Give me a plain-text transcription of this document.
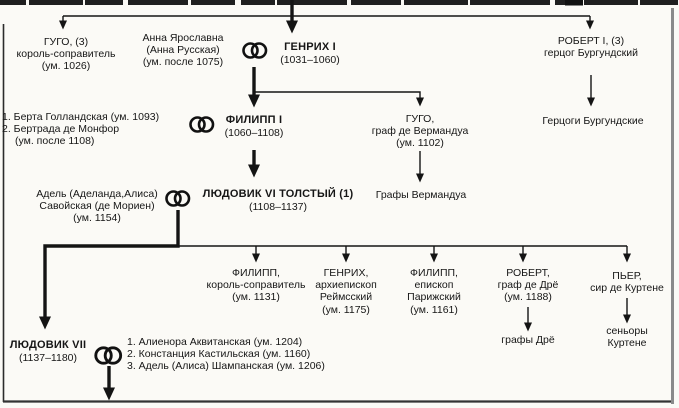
ГУГО, (3)
король-соправитель
(ум. 1026)
Анна Ярославна
(Анна Русская)
(ум. после 1075)
ГЕНРИХ I
(1031–1060)
РОБЕРТ I, (3)
герцог Бургундский
1. Берта Голландская (ум. 1093)
2. Бертрада де Монфор
(ум. после 1108)
ФИЛИПП I
(1060–1108)
ГУГО,
граф де Вермандуа
(ум. 1102)
Герцоги Бургундские
Адель (Аделанда,Алиса)
Савойская (де Мориен)
(ум. 1154)
ЛЮДОВИК VI ТОЛСТЫЙ (1)
(1108–1137)
Графы Вермандуа
ФИЛИПП,
король-соправитель
(ум. 1131)
ГЕНРИХ,
архиепископ
Реймсский
(ум. 1175)
ФИЛИПП,
епископ
Парижский
(ум. 1161)
РОБЕРТ,
граф де Дрё
(ум. 1188)
графы Дрё
ПЬЕР,
сир де Куртене
сеньоры
Куртене
ЛЮДОВИК VII
(1137–1180)
1. Алиенора Аквитанская (ум. 1204)
2. Констанция Кастильская (ум. 1160)
3. Адель (Алиса) Шампанская (ум. 1206)
